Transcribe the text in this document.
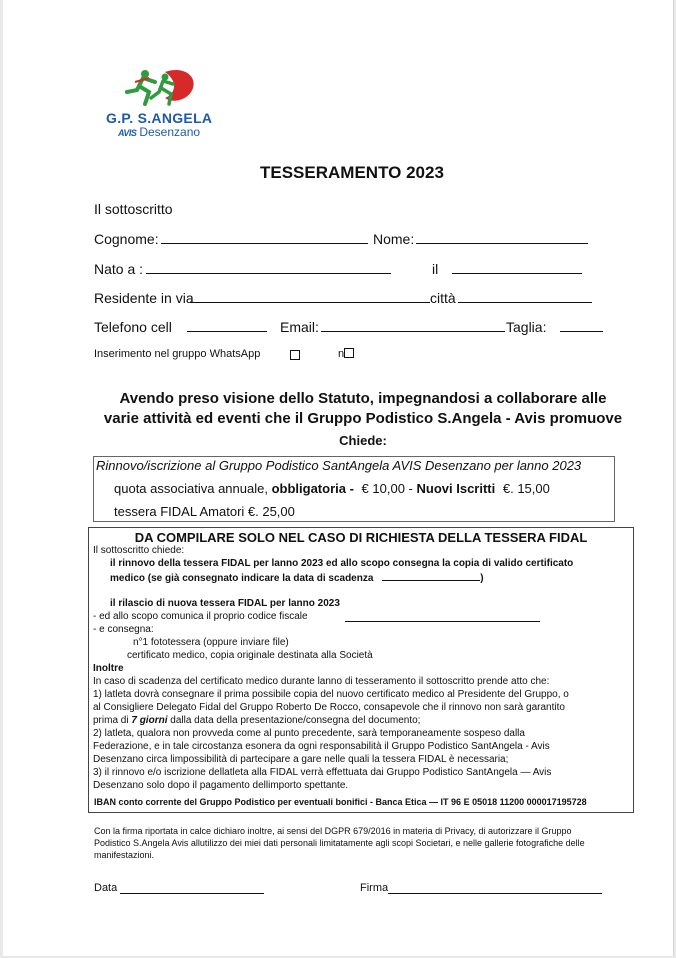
G.P. S.ANGELA
AVIS Desenzano
TESSERAMENTO 2023
Il sottoscritto
Cognome:	Nome:
Nato a :	il
Residente in via	città
Telefono cell	Email:	Taglia:
Inserimento nel gruppo WhatsApp	n
Avendo preso visione dello Statuto, impegnandosi a collaborare alle
varie attività ed eventi che il Gruppo Podistico S.Angela - Avis promuove
Chiede:
Rinnovo/iscrizione al Gruppo Podistico SantAngela AVIS Desenzano per lanno 2023
quota associativa annuale, obbligatoria - € 10,00 - Nuovi Iscritti €. 15,00
tessera FIDAL Amatori €. 25,00
DA COMPILARE SOLO NEL CASO DI RICHIESTA DELLA TESSERA FIDAL
Il sottoscritto chiede:
il rinnovo della tessera FIDAL per lanno 2023 ed allo scopo consegna la copia di valido certificato
medico (se già consegnato indicare la data di scadenza	)
il rilascio di nuova tessera FIDAL per lanno 2023
- ed allo scopo comunica il proprio codice fiscale
- e consegna:
n°1 fototessera (oppure inviare file)
certificato medico, copia originale destinata alla Società
Inoltre
In caso di scadenza del certificato medico durante lanno di tesseramento il sottoscritto prende atto che:
1) latleta dovrà consegnare il prima possibile copia del nuovo certificato medico al Presidente del Gruppo, o
al Consigliere Delegato Fidal del Gruppo Roberto De Rocco, consapevole che il rinnovo non sarà garantito
prima di 7 giorni dalla data della presentazione/consegna del documento;
2) latleta, qualora non provveda come al punto precedente, sarà temporaneamente sospeso dalla
Federazione, e in tale circostanza esonera da ogni responsabilità il Gruppo Podistico SantAngela - Avis
Desenzano circa limpossibilità di partecipare a gare nelle quali la tessera FIDAL è necessaria;
3) il rinnovo e/o iscrizione dellatleta alla FIDAL verrà effettuata dai Gruppo Podistico SantAngela — Avis
Desenzano solo dopo il pagamento dellimporto spettante.
IBAN conto corrente del Gruppo Podistico per eventuali bonifici - Banca Etica — IT 96 E 05018 11200 000017195728
Con la firma riportata in calce dichiaro inoltre, ai sensi del DGPR 679/2016 in materia di Privacy, di autorizzare il Gruppo
Podistico S.Angela Avis allutilizzo dei miei dati personali limitatamente agli scopi Societari, e nelle gallerie fotografiche delle
manifestazioni.
Data	Firma
